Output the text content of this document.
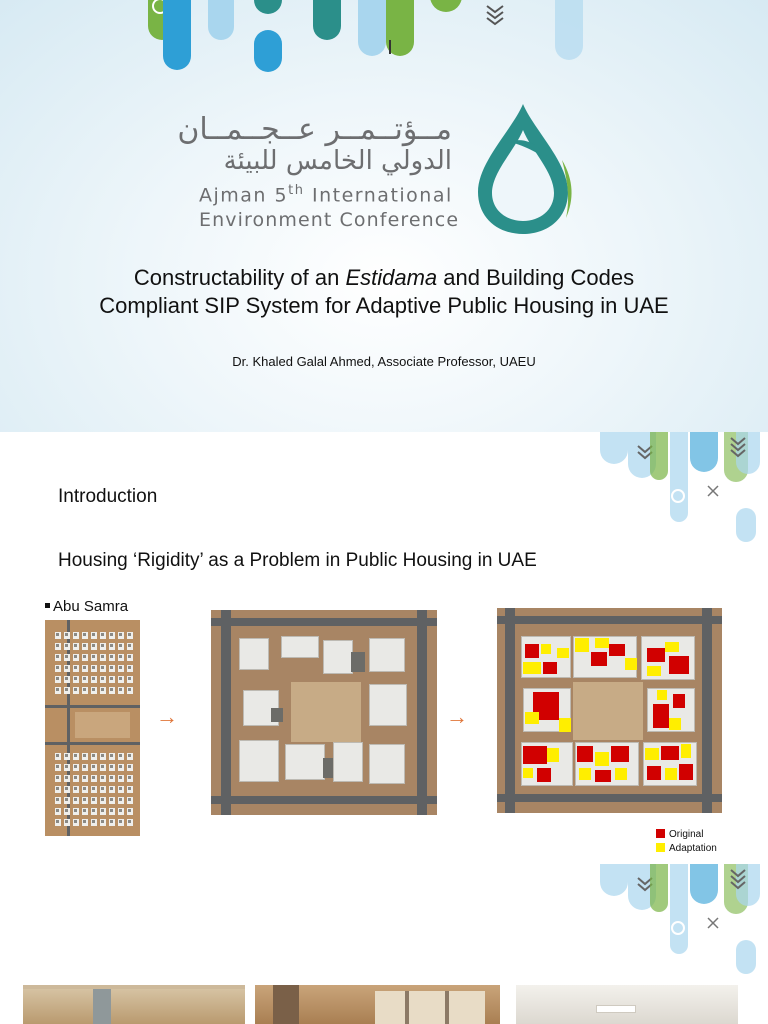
مــؤتــمــر عــجــمــان
الدولي الخامس للبيئة
Ajman 5th International
Environment Conference
Constructability of an Estidama and Building Codes
Compliant SIP System for Adaptive Public Housing in UAE
Dr. Khaled Galal Ahmed, Associate Professor, UAEU
Introduction
Housing ‘Rigidity’ as a Problem in Public Housing in UAE
Abu Samra
→	→
Original
Adaptation
